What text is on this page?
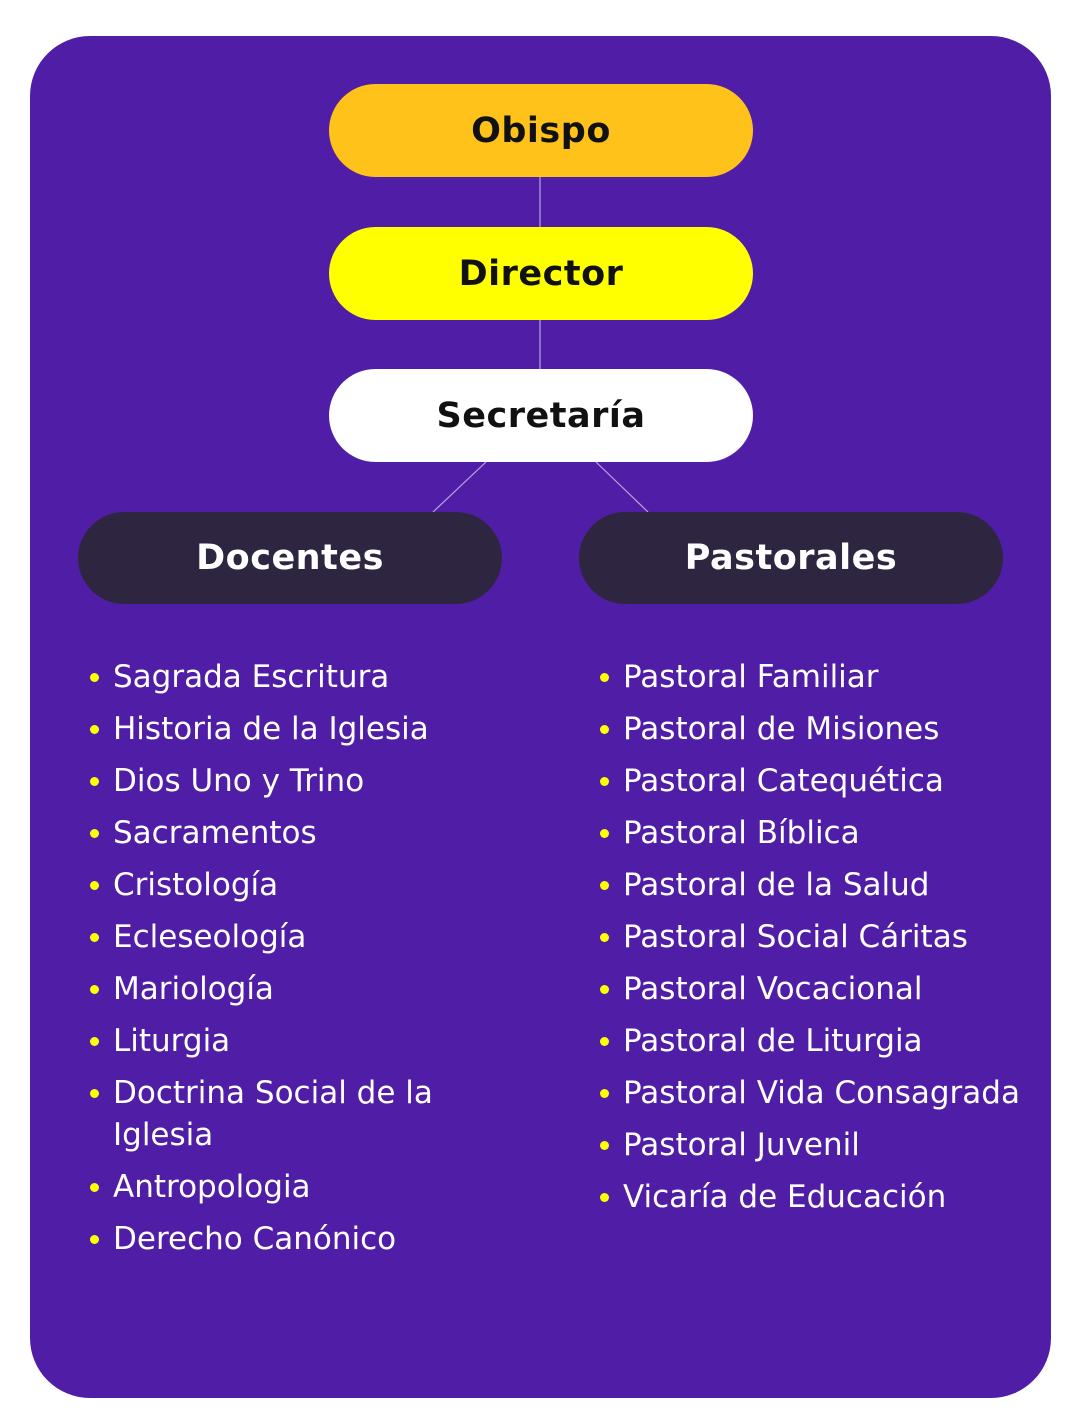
Obispo
Director
Secretaría
Docentes	Pastorales
Sagrada Escritura
Historia de la Iglesia
Dios Uno y Trino
Sacramentos
Cristología
Ecleseología
Mariología
Liturgia
Doctrina Social de la Iglesia
Antropologia
Derecho Canónico
Pastoral Familiar
Pastoral de Misiones
Pastoral Catequética
Pastoral Bíblica
Pastoral de la Salud
Pastoral Social Cáritas
Pastoral Vocacional
Pastoral de Liturgia
Pastoral Vida Consagrada
Pastoral Juvenil
Vicaría de Educación
